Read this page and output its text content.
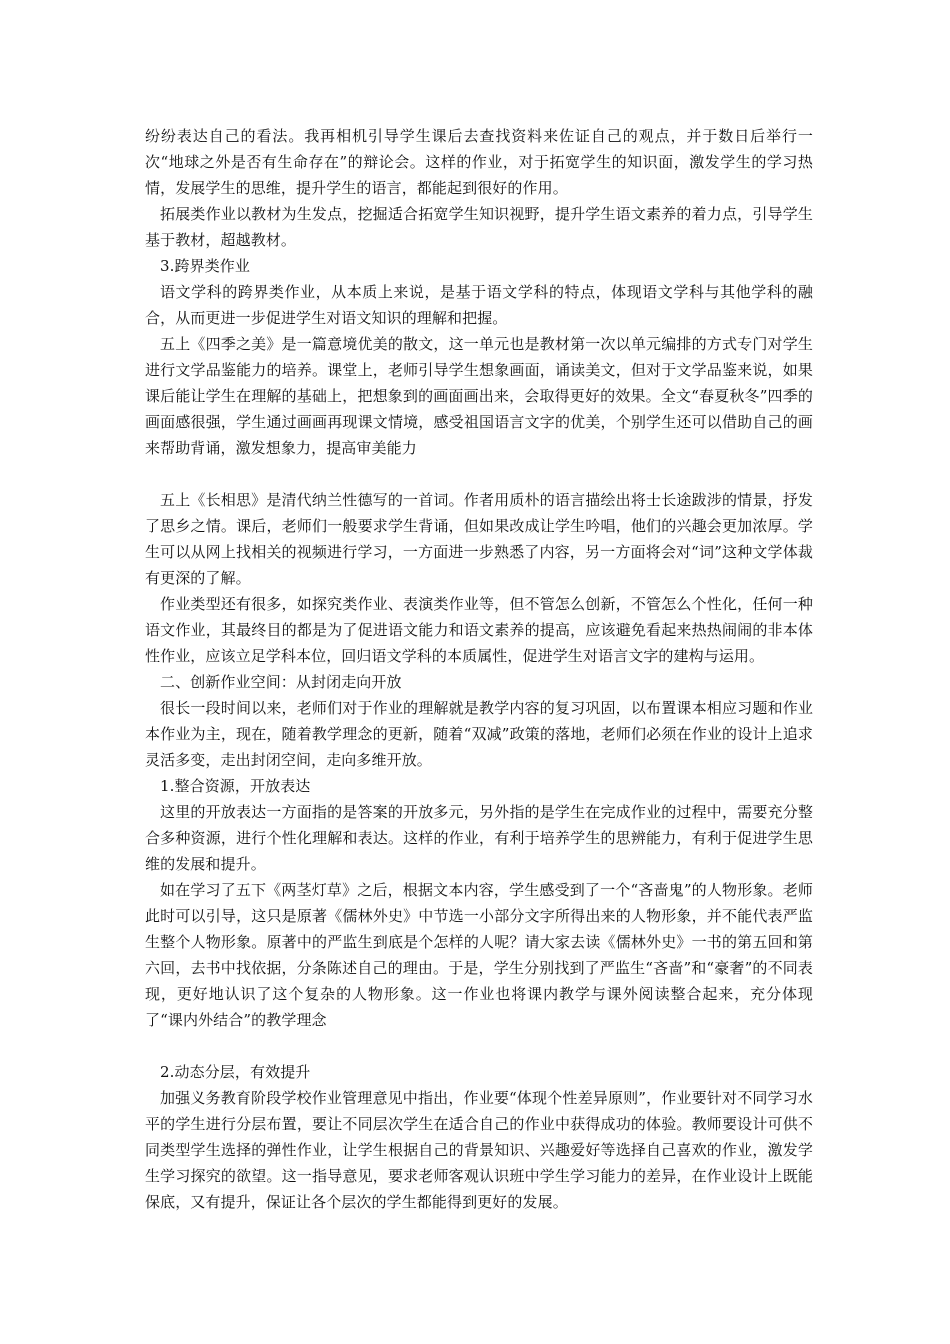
纷纷表达自己的看法。我再相机引导学生课后去查找资料来佐证自己的观点，并于数日后举行一次“地球之外是否有生命存在”的辩论会。这样的作业，对于拓宽学生的知识面，激发学生的学习热情，发展学生的思维，提升学生的语言，都能起到很好的作用。

拓展类作业以教材为生发点，挖掘适合拓宽学生知识视野，提升学生语文素养的着力点，引导学生基于教材，超越教材。

3.跨界类作业

语文学科的跨界类作业，从本质上来说，是基于语文学科的特点，体现语文学科与其他学科的融合，从而更进一步促进学生对语文知识的理解和把握。

五上《四季之美》是一篇意境优美的散文，这一单元也是教材第一次以单元编排的方式专门对学生进行文学品鉴能力的培养。课堂上，老师引导学生想象画面，诵读美文，但对于文学品鉴来说，如果课后能让学生在理解的基础上，把想象到的画面画出来，会取得更好的效果。全文“春夏秋冬”四季的画面感很强，学生通过画画再现课文情境，感受祖国语言文字的优美，个别学生还可以借助自己的画来帮助背诵，激发想象力，提高审美能力

五上《长相思》是清代纳兰性德写的一首词。作者用质朴的语言描绘出将士长途跋涉的情景，抒发了思乡之情。课后，老师们一般要求学生背诵，但如果改成让学生吟唱，他们的兴趣会更加浓厚。学生可以从网上找相关的视频进行学习，一方面进一步熟悉了内容，另一方面将会对“词”这种文学体裁有更深的了解。

作业类型还有很多，如探究类作业、表演类作业等，但不管怎么创新，不管怎么个性化，任何一种语文作业，其最终目的都是为了促进语文能力和语文素养的提高，应该避免看起来热热闹闹的非本体性作业，应该立足学科本位，回归语文学科的本质属性，促进学生对语言文字的建构与运用。

二、创新作业空间：从封闭走向开放

很长一段时间以来，老师们对于作业的理解就是教学内容的复习巩固，以布置课本相应习题和作业本作业为主，现在，随着教学理念的更新，随着“双减”政策的落地，老师们必须在作业的设计上追求灵活多变，走出封闭空间，走向多维开放。

1.整合资源，开放表达

这里的开放表达一方面指的是答案的开放多元，另外指的是学生在完成作业的过程中，需要充分整合多种资源，进行个性化理解和表达。这样的作业，有利于培养学生的思辨能力，有利于促进学生思维的发展和提升。

如在学习了五下《两茎灯草》之后，根据文本内容，学生感受到了一个“吝啬鬼”的人物形象。老师此时可以引导，这只是原著《儒林外史》中节选一小部分文字所得出来的人物形象，并不能代表严监生整个人物形象。原著中的严监生到底是个怎样的人呢？请大家去读《儒林外史》一书的第五回和第六回，去书中找依据，分条陈述自己的理由。于是，学生分别找到了严监生“吝啬”和“豪奢”的不同表现，更好地认识了这个复杂的人物形象。这一作业也将课内教学与课外阅读整合起来，充分体现了“课内外结合”的教学理念

2.动态分层，有效提升

加强义务教育阶段学校作业管理意见中指出，作业要“体现个性差异原则”，作业要针对不同学习水平的学生进行分层布置，要让不同层次学生在适合自己的作业中获得成功的体验。教师要设计可供不同类型学生选择的弹性作业，让学生根据自己的背景知识、兴趣爱好等选择自己喜欢的作业，激发学生学习探究的欲望。这一指导意见，要求老师客观认识班中学生学习能力的差异，在作业设计上既能保底，又有提升，保证让各个层次的学生都能得到更好的发展。
